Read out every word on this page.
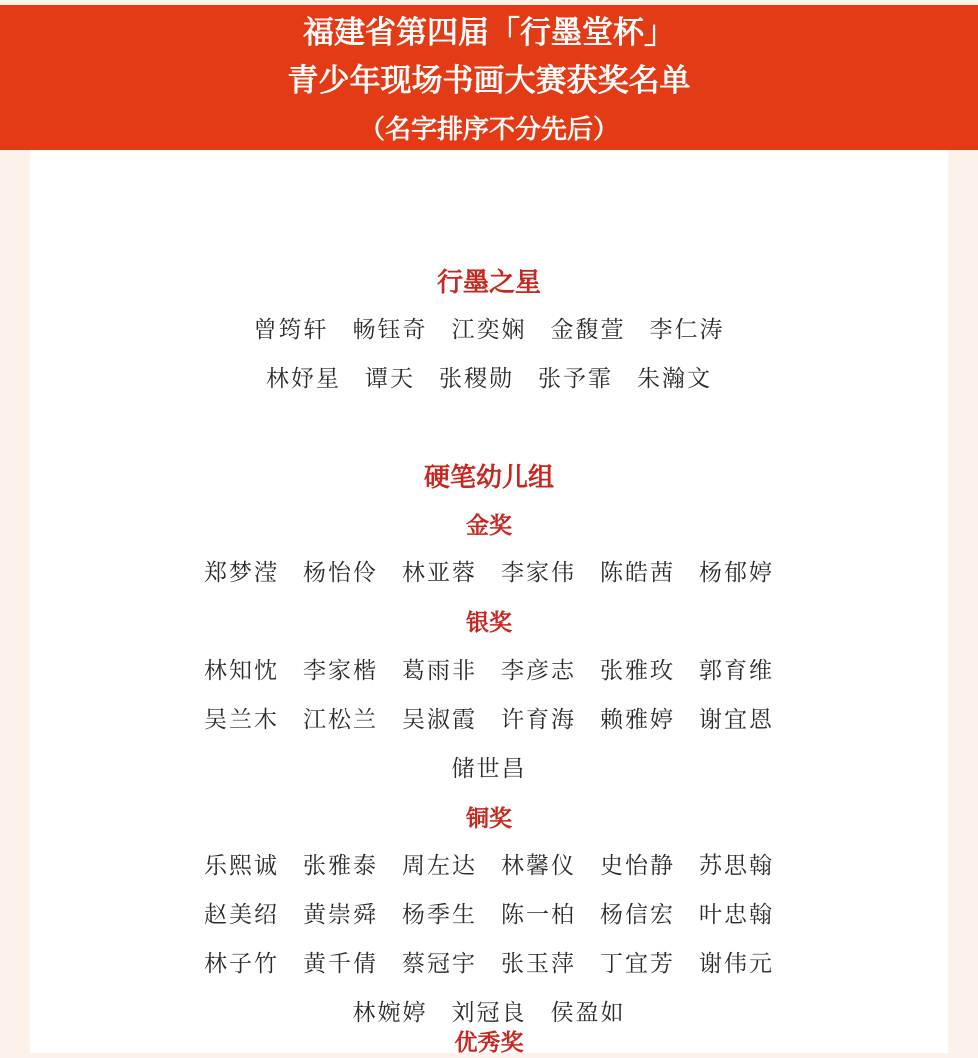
福建省第四届「行墨堂杯」
青少年现场书画大赛获奖名单
（名字排序不分先后）
行墨之星
曾筠轩 畅钰奇 江奕娴 金馥萱 李仁涛
林妤星 谭天 张稷勋 张予霏 朱瀚文
硬笔幼儿组
金奖
郑梦滢 杨怡伶 林亚蓉 李家伟 陈皓茜 杨郁婷
银奖
林知忱 李家楷 葛雨非 李彦志 张雅玫 郭育维
吴兰木 江松兰 吴淑霞 许育海 赖雅婷 谢宜恩
储世昌
铜奖
乐熙诚 张雅泰 周左达 林馨仪 史怡静 苏思翰
赵美绍 黄崇舜 杨季生 陈一柏 杨信宏 叶忠翰
林子竹 黄千倩 蔡冠宇 张玉萍 丁宜芳 谢伟元
林婉婷 刘冠良 侯盈如
优秀奖
